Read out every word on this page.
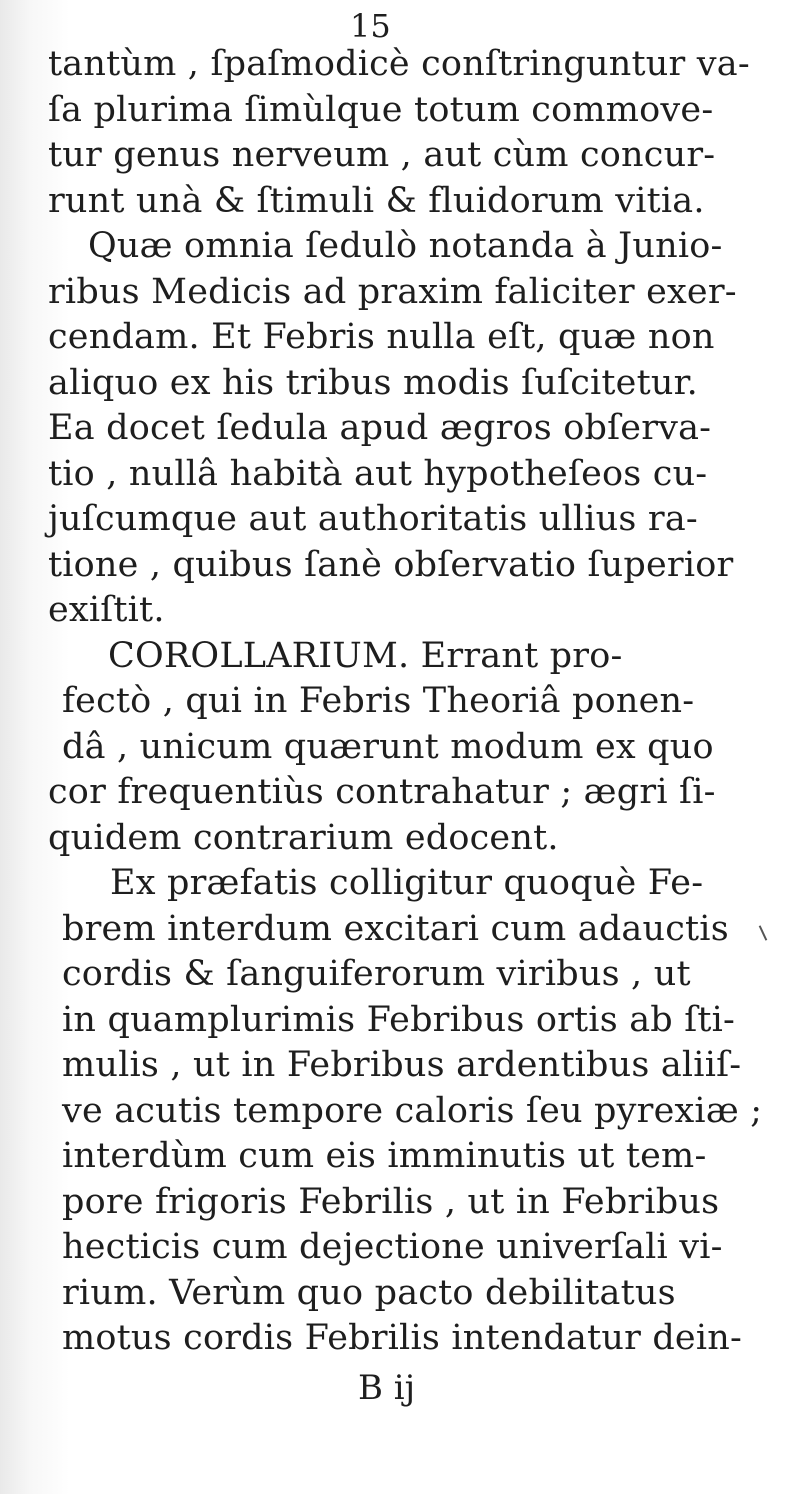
15
tantùm , ſpaſmodicè conſtringuntur va-
ſa plurima ſimùlque totum commove-
tur genus nerveum , aut cùm concur-
runt unà & ſtimuli & fluidorum vitia.
Quæ omnia ſedulò notanda à Junio-
ribus Medicis ad praxim faliciter exer-
cendam. Et Febris nulla eſt, quæ non
aliquo ex his tribus modis ſuſcitetur.
Ea docet ſedula apud ægros obſerva-
tio , nullâ habità aut hypotheſeos cu-
juſcumque aut authoritatis ullius ra-
tione , quibus ſanè obſervatio ſuperior
exiſtit.
COROLLARIUM. Errant pro-
fectò , qui in Febris Theoriâ ponen-
dâ , unicum quærunt modum ex quo
cor frequentiùs contrahatur ; ægri ſi-
quidem contrarium edocent.
Ex præfatis colligitur quoquè Fe-
brem interdum excitari cum adauctis
cordis & ſanguiferorum viribus , ut
in quamplurimis Febribus ortis ab ſti-
mulis , ut in Febribus ardentibus aliiſ-
ve acutis tempore caloris ſeu pyrexiæ ;
interdùm cum eis imminutis ut tem-
pore frigoris Febrilis , ut in Febribus
hecticis cum dejectione univerſali vi-
rium. Verùm quo pacto debilitatus
motus cordis Febrilis intendatur dein-
B ij
